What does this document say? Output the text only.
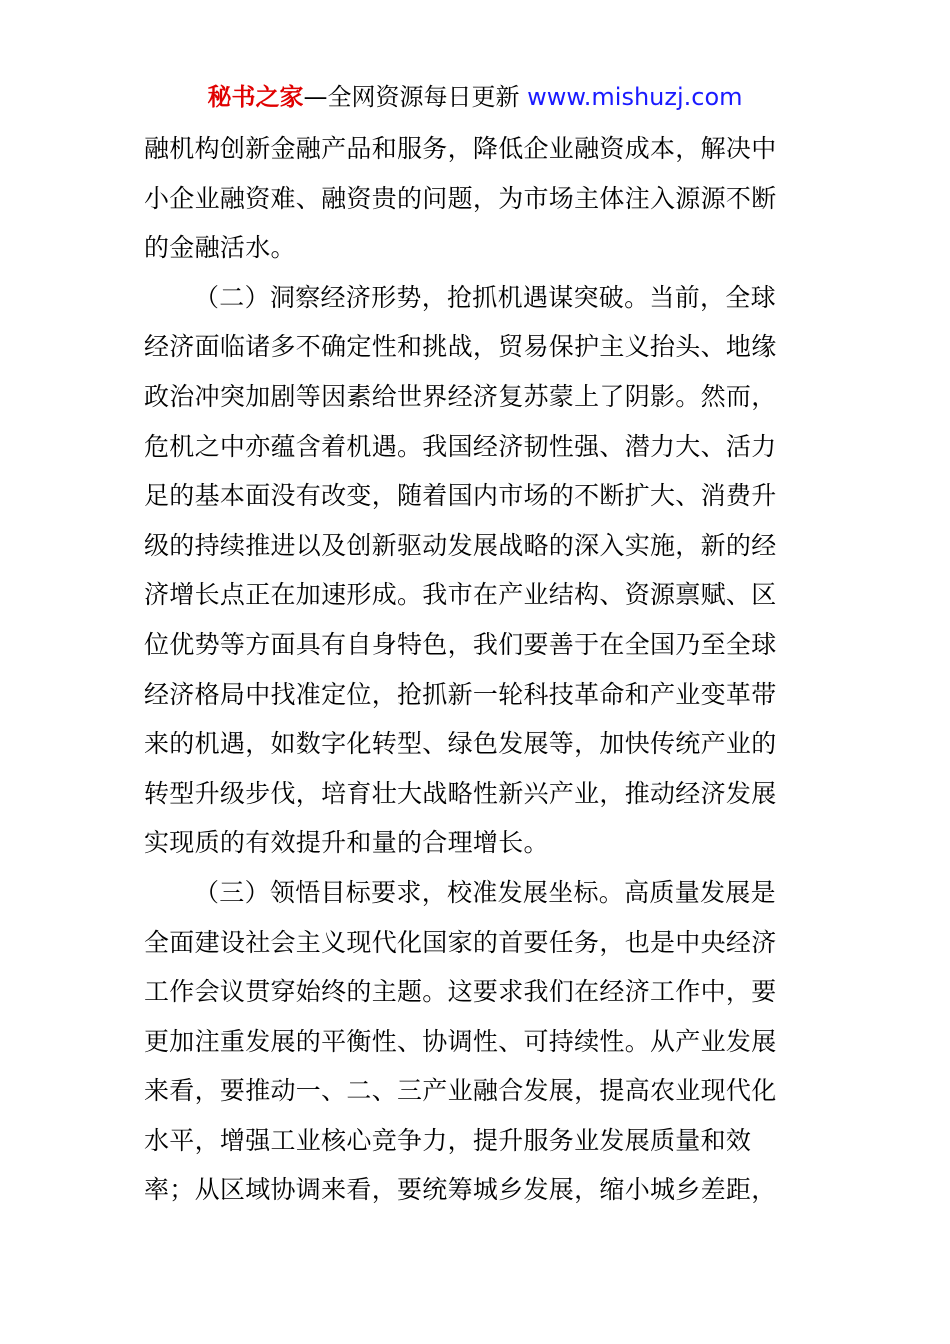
秘书之家—全网资源每日更新 www.mishuzj.com
融机构创新金融产品和服务，降低企业融资成本，解决中
小企业融资难、融资贵的问题，为市场主体注入源源不断
的金融活水。
（二）洞察经济形势，抢抓机遇谋突破。当前，全球
经济面临诸多不确定性和挑战，贸易保护主义抬头、地缘
政治冲突加剧等因素给世界经济复苏蒙上了阴影。然而，
危机之中亦蕴含着机遇。我国经济韧性强、潜力大、活力
足的基本面没有改变，随着国内市场的不断扩大、消费升
级的持续推进以及创新驱动发展战略的深入实施，新的经
济增长点正在加速形成。我市在产业结构、资源禀赋、区
位优势等方面具有自身特色，我们要善于在全国乃至全球
经济格局中找准定位，抢抓新一轮科技革命和产业变革带
来的机遇，如数字化转型、绿色发展等，加快传统产业的
转型升级步伐，培育壮大战略性新兴产业，推动经济发展
实现质的有效提升和量的合理增长。
（三）领悟目标要求，校准发展坐标。高质量发展是
全面建设社会主义现代化国家的首要任务，也是中央经济
工作会议贯穿始终的主题。这要求我们在经济工作中，要
更加注重发展的平衡性、协调性、可持续性。从产业发展
来看，要推动一、二、三产业融合发展，提高农业现代化
水平，增强工业核心竞争力，提升服务业发展质量和效
率；从区域协调来看，要统筹城乡发展，缩小城乡差距，
